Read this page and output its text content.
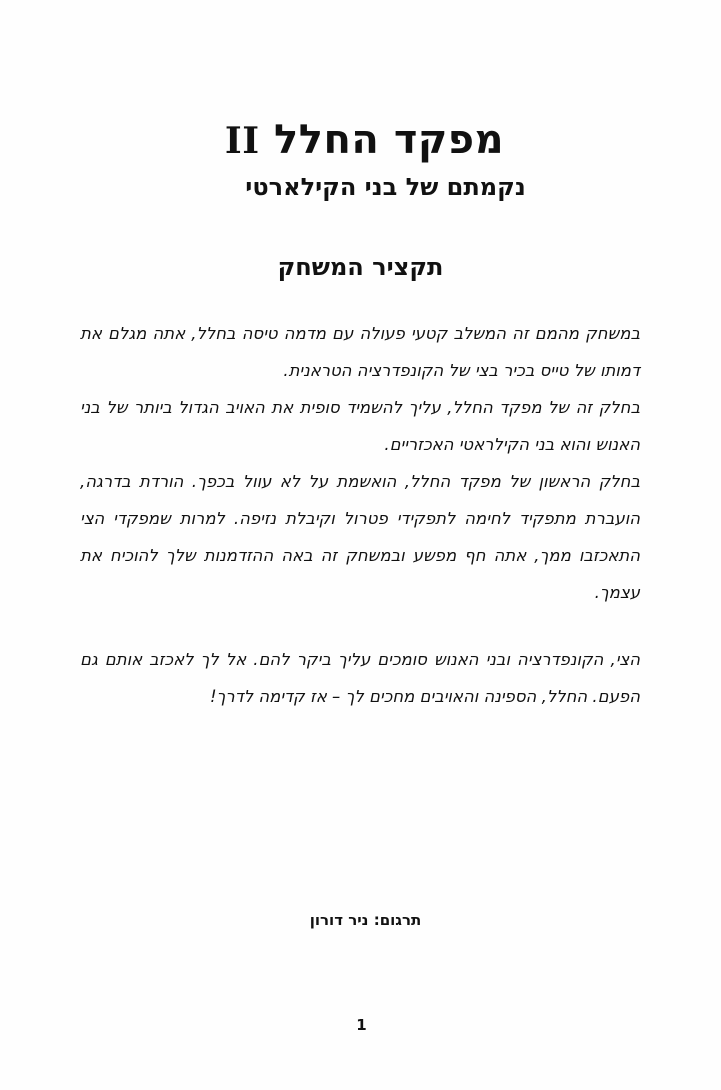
מפקד החלל II
נקמתם של בני הקילארטי
תקציר המשחק

במשחק מהמם זה המשלב קטעי פעולה עם מדמה טיסה בחלל, אתה מגלם את דמותו של טייס בכיר בצי של הקונפדרציה הטראנית.

בחלק זה של מפקד החלל, עליך להשמיד סופית את האויב הגדול ביותר של בני האנוש והוא בני הקילראטי האכזריים.

בחלק הראשון של מפקד החלל, הואשמת על לא עוול בכפך. הורדת בדרגה, הועברת מתפקיד לחימה לתפקידי פטרול וקיבלת נזיפה. למרות שמפקדי הצי התאכזבו ממך, אתה חף מפשע ובמשחק זה באה ההזדמנות שלך להוכיח את עצמך.

הצי, הקונפדרציה ובני האנוש סומכים עליך ביקר להם. אל לך לאכזב אותם גם הפעם. החלל, הספינה והאויבים מחכים לך – אז קדימה לדרך!

תרגום: ניר דורון
1
